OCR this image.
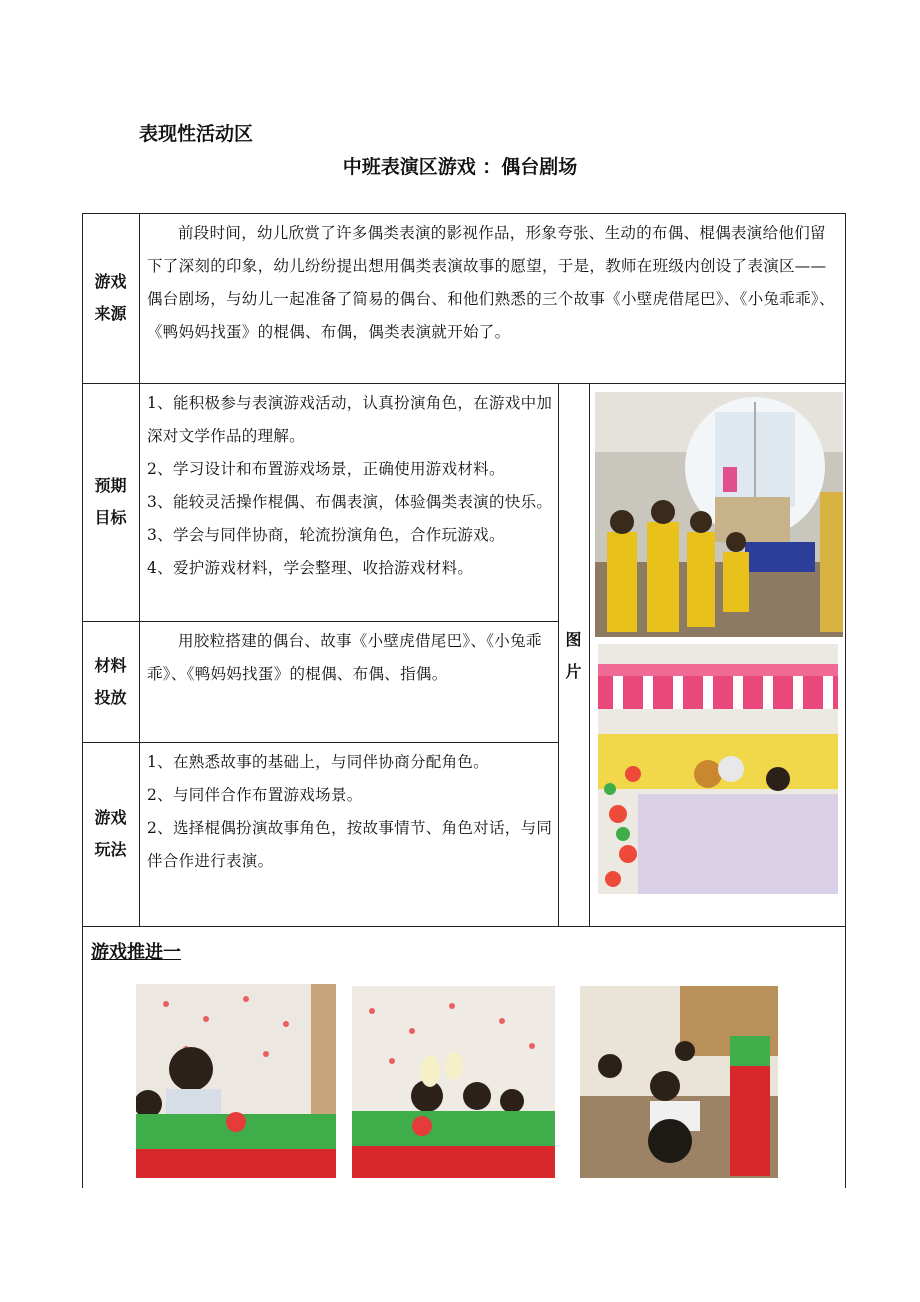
表现性活动区
中班表演区游戏 ：偶台剧场
游戏
来源

前段时间，幼儿欣赏了许多偶类表演的影视作品，形象夸张、生动的布偶、棍偶表演给他们留下了深刻的印象，幼儿纷纷提出想用偶类表演故事的愿望，于是，教师在班级内创设了表演区——偶台剧场，与幼儿一起准备了简易的偶台、和他们熟悉的三个故事《小壁虎借尾巴》、《小兔乖乖》、《鸭妈妈找蛋》的棍偶、布偶，偶类表演就开始了。

预期
目标

1、能积极参与表演游戏活动，认真扮演角色，在游戏中加深对文学作品的理解。

2、学习设计和布置游戏场景，正确使用游戏材料。

3、能较灵活操作棍偶、布偶表演，体验偶类表演的快乐。

3、学会与同伴协商，轮流扮演角色，合作玩游戏。

4、爱护游戏材料，学会整理、收拾游戏材料。

材料
投放

用胶粒搭建的偶台、故事《小壁虎借尾巴》、《小兔乖乖》、《鸭妈妈找蛋》的棍偶、布偶、指偶。

游戏
玩法

1、在熟悉故事的基础上，与同伴协商分配角色。

2、与同伴合作布置游戏场景。

2、选择棍偶扮演故事角色，按故事情节、角色对话，与同伴合作进行表演。

图
片
游戏推进一
